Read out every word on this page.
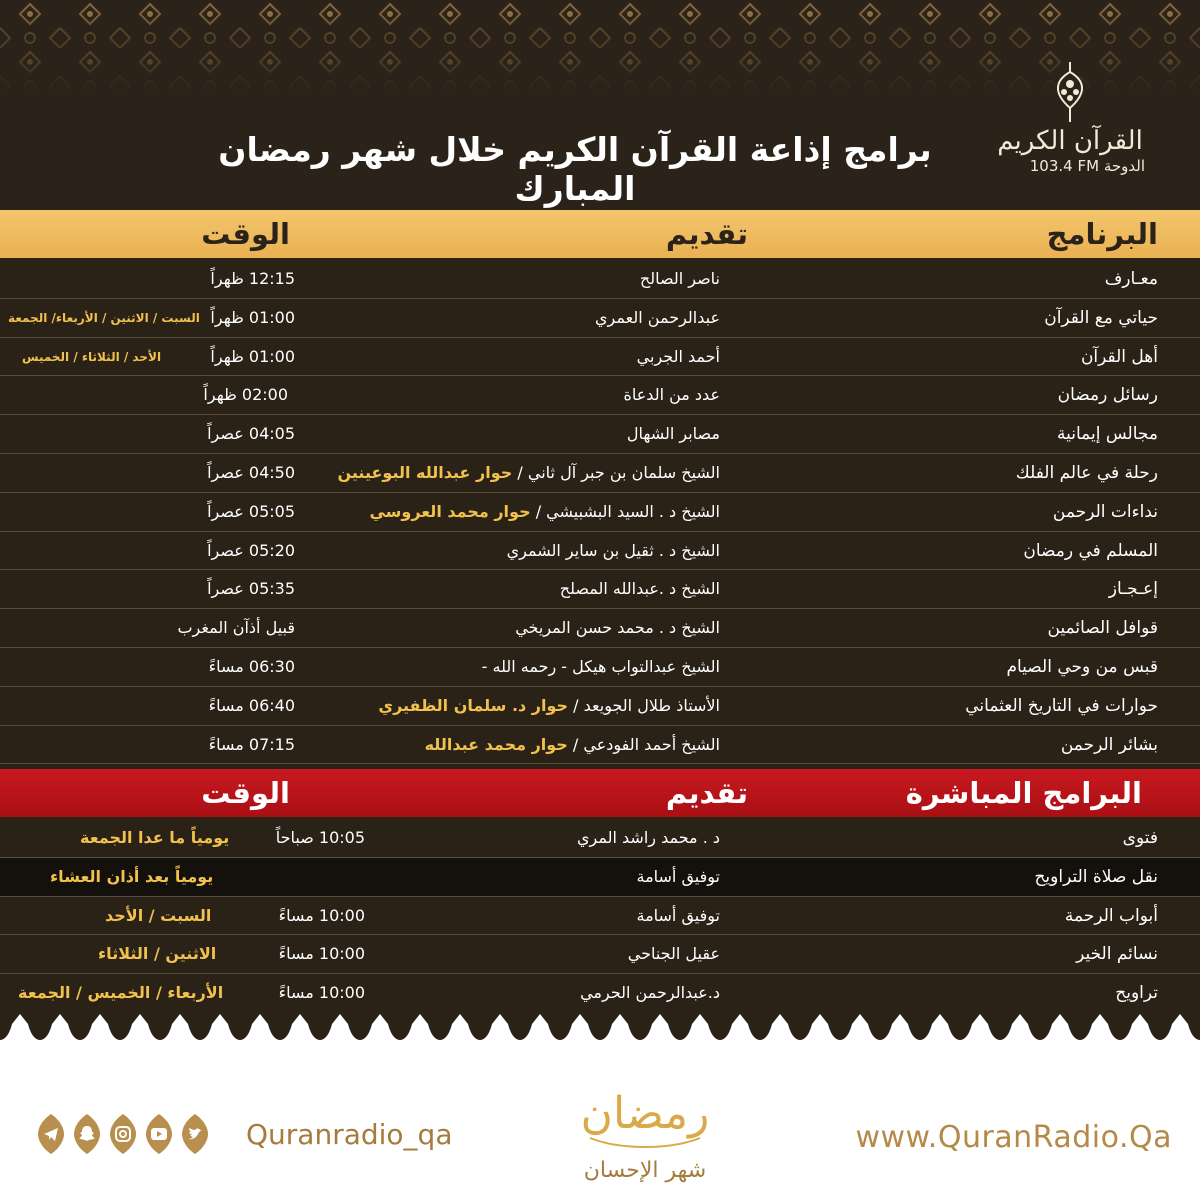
القرآن الكريم
103.4 FM الدوحة
برامج إذاعة القرآن الكريم خلال شهر رمضان المبارك
البرنامج
تقديم
الوقت
معـارف
ناصر الصالح
12:15 ظهراً
حياتي مع القرآن
عبدالرحمن العمري
01:00 ظهراً
السبت / الاثنين / الأربعاء/ الجمعة
أهل القرآن
أحمد الجربي
01:00 ظهراً
الأحد / الثلاثاء / الخميس
رسائل رمضان
عدد من الدعاة
02:00 ظهراً
مجالس إيمانية
مصابر الشهال
04:05 عصراً
رحلة في عالم الفلك
الشيخ سلمان بن جبر آل ثاني / حوار عبدالله البوعينين
04:50 عصراً
نداءات الرحمن
الشيخ د . السيد البشبيشي / حوار محمد العروسي
05:05 عصراً
المسلم في رمضان
الشيخ د . ثقيل بن ساير الشمري
05:20 عصراً
إعـجـاز
الشيخ د .عبدالله المصلح
05:35 عصراً
قوافل الصائمين
الشيخ د . محمد حسن المريخي
قبيل أذآن المغرب
قبس من وحي الصيام
الشيخ عبدالتواب هيكل - رحمه الله -
06:30 مساءً
حوارات في التاريخ العثماني
الأستاذ طلال الجويعد / حوار د. سلمان الظفيري
06:40 مساءً
بشائر الرحمن
الشيخ أحمد الفودعي / حوار محمد عبدالله
07:15 مساءً
البرامج المباشرة
تقديم
الوقت
فتوى
د . محمد راشد المري
10:05 صباحاً
يومياً ما عدا الجمعة
نقل صلاة التراويح
توفيق أسامة
يومياً بعد أذان العشاء
أبواب الرحمة
توفيق أسامة
10:00 مساءً
السبت / الأحد
نسائم الخير
عقيل الجناحي
10:00 مساءً
الاثنين / الثلاثاء
تراويح
د.عبدالرحمن الحرمي
10:00 مساءً
الأربعاء / الخميس / الجمعة
Quranradio_qa	رمضان
شهر الإحسان
www.QuranRadio.Qa
